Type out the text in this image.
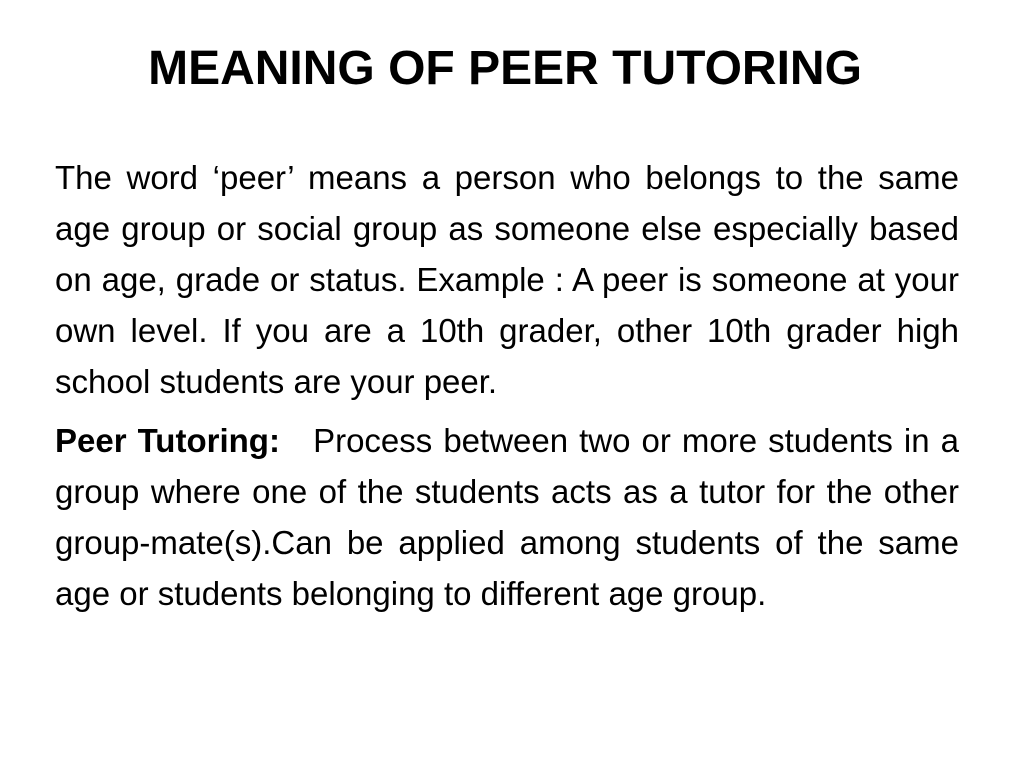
MEANING OF PEER TUTORING

The word ‘peer’ means a person who belongs to the same age group or social group as someone else especially based on age, grade or status. Example : A peer is someone at your own level. If you are a 10th grader, other 10th grader high school students are your peer.

Peer Tutoring:   Process between two or more students in a group where one of the students acts as a tutor for the other group-mate(s).Can be applied among students of the same age or students belonging to different age group.
